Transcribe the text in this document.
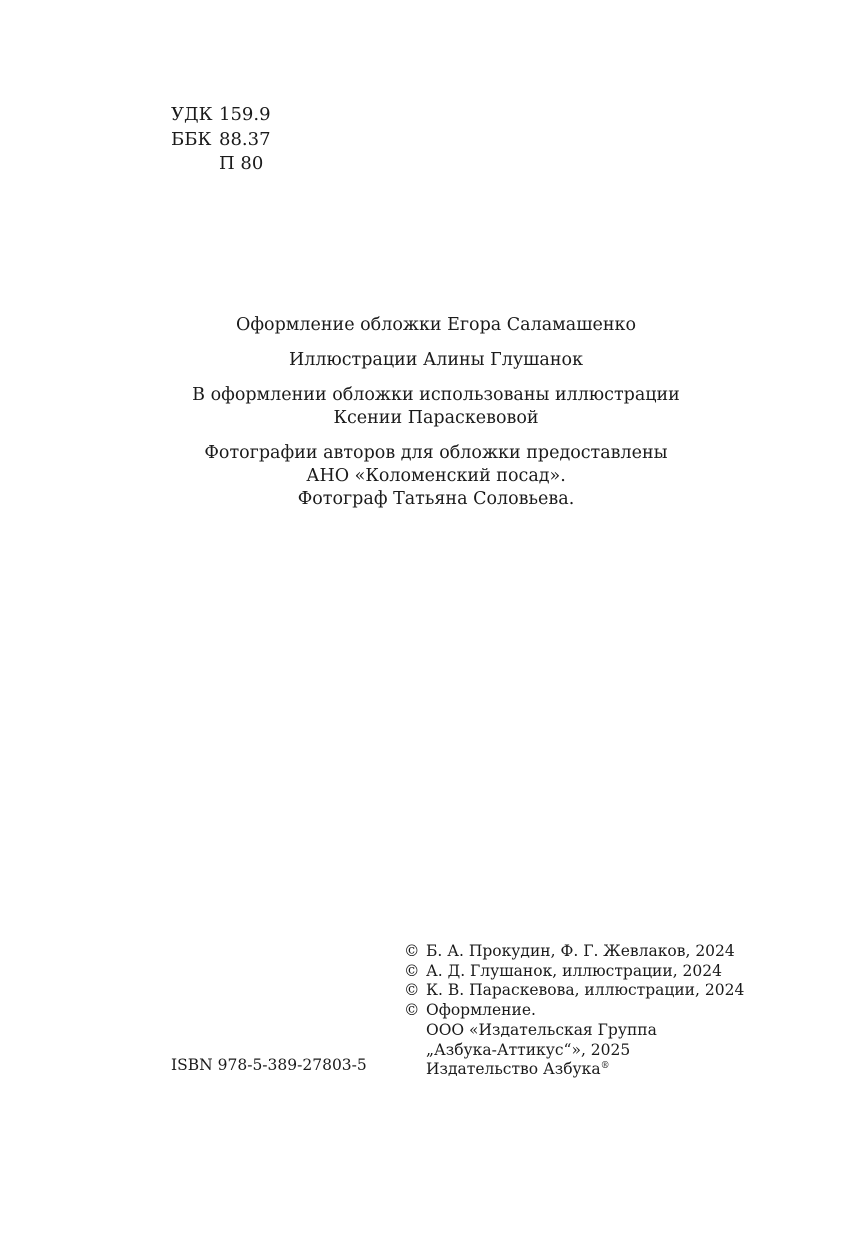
УДК 159.9
ББК 88.37
П 80

Оформление обложки Егора Саламашенко

Иллюстрации Алины Глушанок

В оформлении обложки использованы иллюстрации
Ксении Параскевовой

Фотографии авторов для обложки предоставлены
АНО «Коломенский посад».
Фотограф Татьяна Соловьева.

© Б. А. Прокудин, Ф. Г. Жевлаков, 2024
© А. Д. Глушанок, иллюстрации, 2024
© К. В. Параскевова, иллюстрации, 2024
© Оформление.
ООО «Издательская Группа
„Азбука-Аттикус“», 2025
Издательство Азбука®
ISBN 978-5-389-27803-5
